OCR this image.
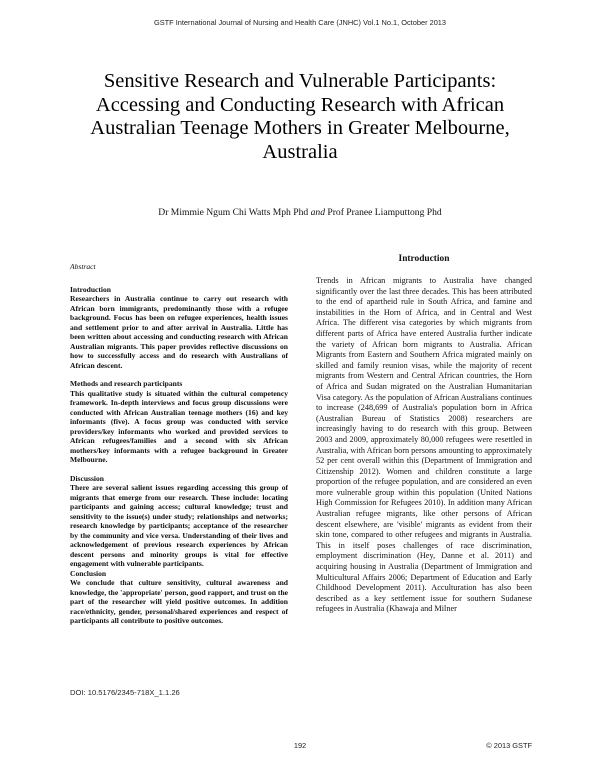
GSTF International Journal of Nursing and Health Care (JNHC) Vol.1 No.1, October 2013
Sensitive Research and Vulnerable Participants: Accessing and Conducting Research with African Australian Teenage Mothers in Greater Melbourne, Australia
Dr Mimmie Ngum Chi Watts Mph Phd and Prof Pranee Liamputtong Phd

Abstract

Introduction

Researchers in Australia continue to carry out research with African born immigrants, predominantly those with a refugee background. Focus has been on refugee experiences, health issues and settlement prior to and after arrival in Australia. Little has been written about accessing and conducting research with African Australian migrants. This paper provides reflective discussions on how to successfully access and do research with Australians of African descent.

Methods and research participants

This qualitative study is situated within the cultural competency framework. In-depth interviews and focus group discussions were conducted with African Australian teenage mothers (16) and key informants (five). A focus group was conducted with service providers/key informants who worked and provided services to African refugees/families and a second with six African mothers/key informants with a refugee background in Greater Melbourne.

Discussion

There are several salient issues regarding accessing this group of migrants that emerge from our research. These include: locating participants and gaining access; cultural knowledge; trust and sensitivity to the issue(s) under study; relationships and networks; research knowledge by participants; acceptance of the researcher by the community and vice versa. Understanding of their lives and acknowledgement of previous research experiences by African descent persons and minority groups is vital for effective engagement with vulnerable participants.

Conclusion

We conclude that culture sensitivity, cultural awareness and knowledge, the 'appropriate' person, good rapport, and trust on the part of the researcher will yield positive outcomes. In addition race/ethnicity, gender, personal/shared experiences and respect of participants all contribute to positive outcomes.

Introduction

Trends in African migrants to Australia have changed significantly over the last three decades. This has been attributed to the end of apartheid rule in South Africa, and famine and instabilities in the Horn of Africa, and in Central and West Africa. The different visa categories by which migrants from different parts of Africa have entered Australia further indicate the variety of African born migrants to Australia. African Migrants from Eastern and Southern Africa migrated mainly on skilled and family reunion visas, while the majority of recent migrants from Western and Central African countries, the Horn of Africa and Sudan migrated on the Australian Humanitarian Visa category. As the population of African Australians continues to increase (248,699 of Australia's population born in Africa (Australian Bureau of Statistics 2008) researchers are increasingly having to do research with this group. Between 2003 and 2009, approximately 80,000 refugees were resettled in Australia, with African born persons amounting to approximately 52 per cent overall within this (Department of Immigration and Citizenship 2012). Women and children constitute a large proportion of the refugee population, and are considered an even more vulnerable group within this population (United Nations High Commission for Refugees 2010). In addition many African Australian refugee migrants, like other persons of African descent elsewhere, are 'visible' migrants as evident from their skin tone, compared to other refugees and migrants in Australia. This in itself poses challenges of race discrimination, employment discrimination (Hey, Danne et al. 2011) and acquiring housing in Australia (Department of Immigration and Multicultural Affairs 2006; Department of Education and Early Childhood Development 2011). Acculturation has also been described as a key settlement issue for southern Sudanese refugees in Australia (Khawaja and Milner

DOI: 10.5176/2345-718X_1.1.26
192	© 2013 GSTF
